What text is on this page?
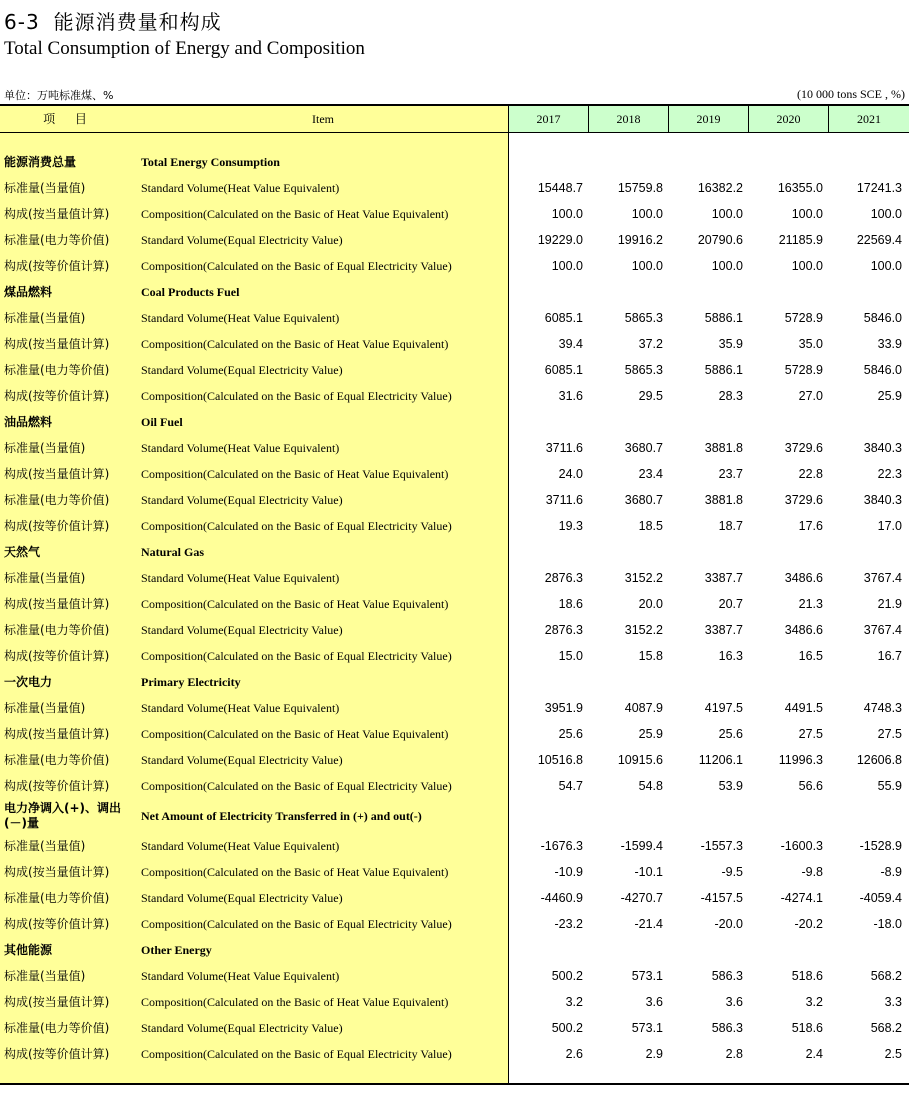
6-3 能源消费量和构成
Total Consumption of Energy and Composition
单位：万吨标准煤、%	(10 000 tons SCE , %)
项 目	Item	2017	2018	2019	2020	2021
能源消费总量	Total Energy Consumption
标准量(当量值)	Standard Volume(Heat Value Equivalent)	15448.7	15759.8	16382.2	16355.0	17241.3
构成(按当量值计算)	Composition(Calculated on the Basic of Heat Value Equivalent)	100.0	100.0	100.0	100.0	100.0
标准量(电力等价值)	Standard Volume(Equal Electricity Value)	19229.0	19916.2	20790.6	21185.9	22569.4
构成(按等价值计算)	Composition(Calculated on the Basic of Equal Electricity Value)	100.0	100.0	100.0	100.0	100.0
煤品燃料	Coal Products Fuel
标准量(当量值)	Standard Volume(Heat Value Equivalent)	6085.1	5865.3	5886.1	5728.9	5846.0
构成(按当量值计算)	Composition(Calculated on the Basic of Heat Value Equivalent)	39.4	37.2	35.9	35.0	33.9
标准量(电力等价值)	Standard Volume(Equal Electricity Value)	6085.1	5865.3	5886.1	5728.9	5846.0
构成(按等价值计算)	Composition(Calculated on the Basic of Equal Electricity Value)	31.6	29.5	28.3	27.0	25.9
油品燃料	Oil Fuel
标准量(当量值)	Standard Volume(Heat Value Equivalent)	3711.6	3680.7	3881.8	3729.6	3840.3
构成(按当量值计算)	Composition(Calculated on the Basic of Heat Value Equivalent)	24.0	23.4	23.7	22.8	22.3
标准量(电力等价值)	Standard Volume(Equal Electricity Value)	3711.6	3680.7	3881.8	3729.6	3840.3
构成(按等价值计算)	Composition(Calculated on the Basic of Equal Electricity Value)	19.3	18.5	18.7	17.6	17.0
天然气	Natural Gas
标准量(当量值)	Standard Volume(Heat Value Equivalent)	2876.3	3152.2	3387.7	3486.6	3767.4
构成(按当量值计算)	Composition(Calculated on the Basic of Heat Value Equivalent)	18.6	20.0	20.7	21.3	21.9
标准量(电力等价值)	Standard Volume(Equal Electricity Value)	2876.3	3152.2	3387.7	3486.6	3767.4
构成(按等价值计算)	Composition(Calculated on the Basic of Equal Electricity Value)	15.0	15.8	16.3	16.5	16.7
一次电力	Primary Electricity
标准量(当量值)	Standard Volume(Heat Value Equivalent)	3951.9	4087.9	4197.5	4491.5	4748.3
构成(按当量值计算)	Composition(Calculated on the Basic of Heat Value Equivalent)	25.6	25.9	25.6	27.5	27.5
标准量(电力等价值)	Standard Volume(Equal Electricity Value)	10516.8	10915.6	11206.1	11996.3	12606.8
构成(按等价值计算)	Composition(Calculated on the Basic of Equal Electricity Value)	54.7	54.8	53.9	56.6	55.9
电力净调入(+)、调出(－)量
Net Amount of Electricity Transferred in (+) and out(-)
标准量(当量值)	Standard Volume(Heat Value Equivalent)	-1676.3	-1599.4	-1557.3	-1600.3	-1528.9
构成(按当量值计算)	Composition(Calculated on the Basic of Heat Value Equivalent)	-10.9	-10.1	-9.5	-9.8	-8.9
标准量(电力等价值)	Standard Volume(Equal Electricity Value)	-4460.9	-4270.7	-4157.5	-4274.1	-4059.4
构成(按等价值计算)	Composition(Calculated on the Basic of Equal Electricity Value)	-23.2	-21.4	-20.0	-20.2	-18.0
其他能源	Other Energy
标准量(当量值)	Standard Volume(Heat Value Equivalent)	500.2	573.1	586.3	518.6	568.2
构成(按当量值计算)	Composition(Calculated on the Basic of Heat Value Equivalent)	3.2	3.6	3.6	3.2	3.3
标准量(电力等价值)	Standard Volume(Equal Electricity Value)	500.2	573.1	586.3	518.6	568.2
构成(按等价值计算)	Composition(Calculated on the Basic of Equal Electricity Value)	2.6	2.9	2.8	2.4	2.5
